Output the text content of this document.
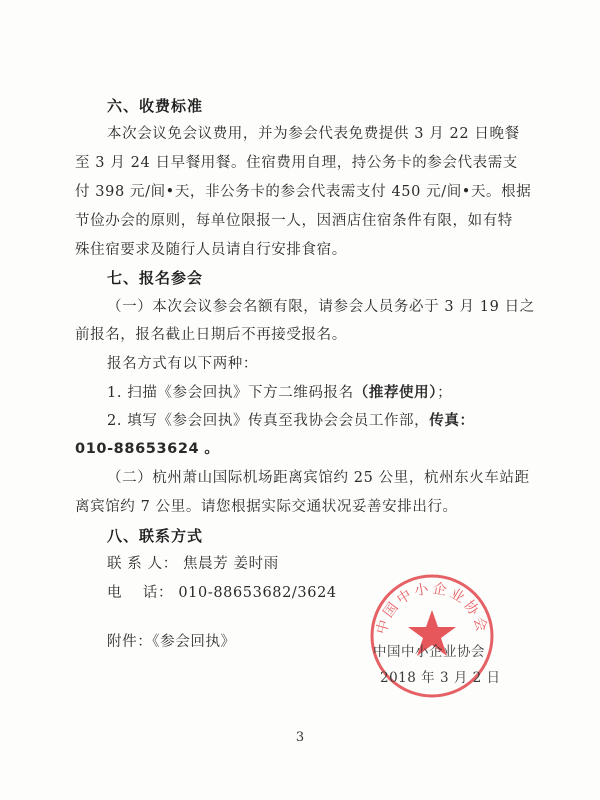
六、收费标准
本次会议免会议费用，并为参会代表免费提供 3 月 22 日晚餐
至 3 月 24 日早餐用餐。住宿费用自理，持公务卡的参会代表需支
付 398 元/间•天，非公务卡的参会代表需支付 450 元/间•天。根据
节俭办会的原则，每单位限报一人，因酒店住宿条件有限，如有特
殊住宿要求及随行人员请自行安排食宿。
七、报名参会
（一）本次会议参会名额有限，请参会人员务必于 3 月 19 日之
前报名，报名截止日期后不再接受报名。
报名方式有以下两种：
1. 扫描《参会回执》下方二维码报名（推荐使用）；
2. 填写《参会回执》传真至我协会会员工作部，传真：
010-88653624 。
（二）杭州萧山国际机场距离宾馆约 25 公里，杭州东火车站距
离宾馆约 7 公里。请您根据实际交通状况妥善安排出行。
八、联系方式
联 系 人： 焦晨芳 姜时雨
电    话： 010-88653682/3624
附件：《参会回执》
中国中小企业协会
中国中小企业协会
2018 年 3 月 2 日
3
